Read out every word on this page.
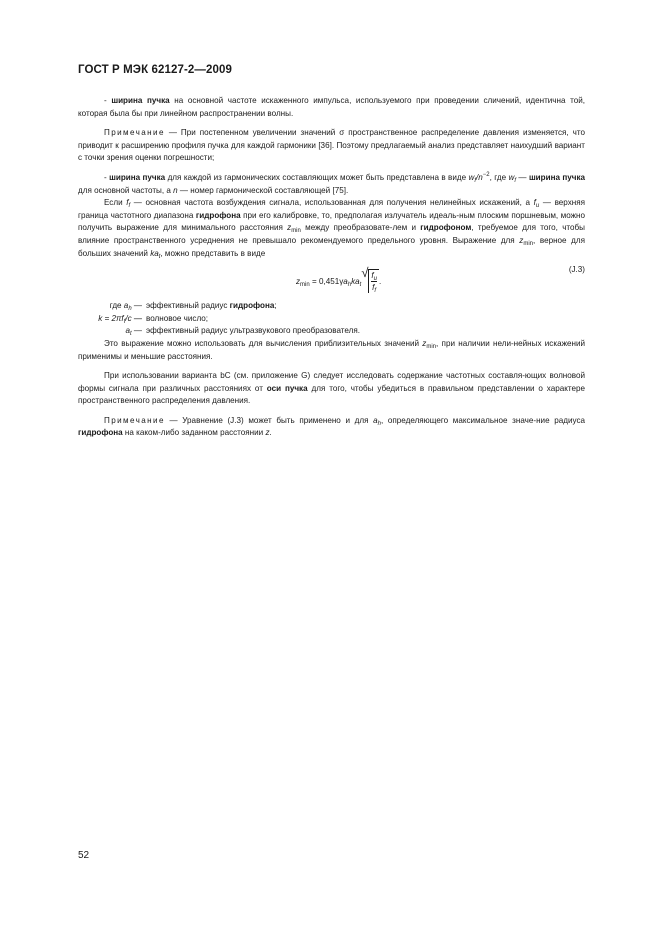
ГОСТ Р МЭК 62127-2—2009

- ширина пучка на основной частоте искаженного импульса, используемого при проведении сличений, идентична той, которая была бы при линейном распространении волны.

Примечание — При постепенном увеличении значений σ пространственное распределение давления изменяется, что приводит к расширению профиля пучка для каждой гармоники [36]. Поэтому предлагаемый анализ представляет наихудший вариант с точки зрения оценки погрешности;

- ширина пучка для каждой из гармонических составляющих может быть представлена в виде $w_f/n^{-2}$, где $w_f$ — ширина пучка для основной частоты, а n — номер гармонической составляющей [75].

Если $f_f$ — основная частота возбуждения сигнала, использованная для получения нелинейных искажений, а $f_u$ — верхняя граница частотного диапазона гидрофона при его калибровке, то, предполагая излучатель идеаль-ным плоским поршневым, можно получить выражение для минимального расстояния $z_{min}$ между преобразовате-лем и гидрофоном, требуемое для того, чтобы влияние пространственного усреднения не превышало рекомендуемого предельного уровня. Выражение для $z_{min}$, верное для больших значений $ka_t$, можно представить в виде

$z_{min} = 0,451\gamma a_hka_t$
√ $\frac{f_u}{f_f}$ .
(J.3)
где $a_h$ — эффективный радиус гидрофона;
$k = 2\pi f_f/c$ — волновое число;
$a_t$ — эффективный радиус ультразвукового преобразователя.

Это выражение можно использовать для вычисления приблизительных значений $z_{min}$, при наличии нели-нейных искажений применимы и меньшие расстояния.

При использовании варианта bC (см. приложение G) следует исследовать содержание частотных составля-ющих волновой формы сигнала при различных расстояниях от оси пучка для того, чтобы убедиться в правильном представлении о характере пространственного распределения давления.

Примечание — Уравнение (J.3) может быть применено и для $a_h$, определяющего максимальное значе-ние радиуса гидрофона на каком-либо заданном расстоянии z.

52
